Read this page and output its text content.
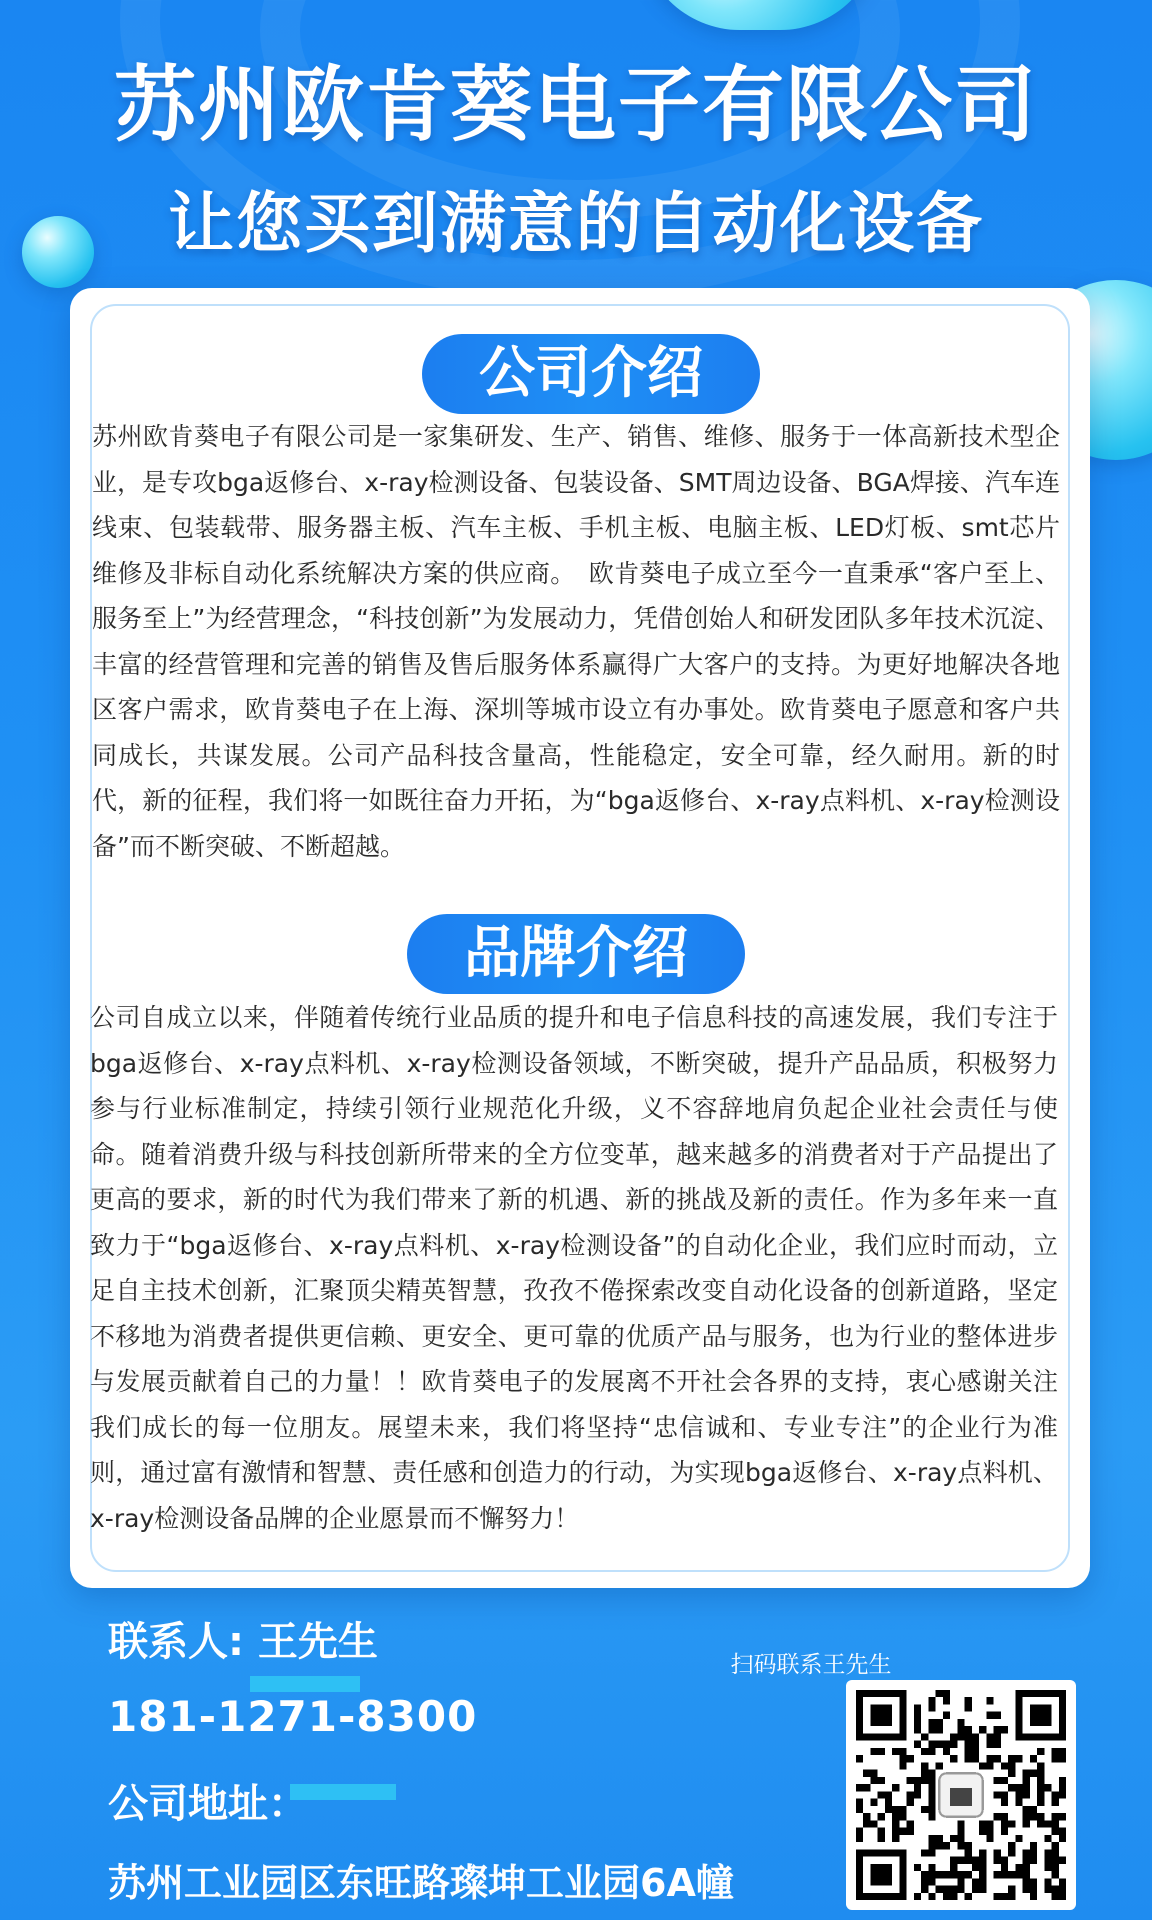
苏州欧肯葵电子有限公司
让您买到满意的自动化设备
公司介绍
苏州欧肯葵电子有限公司是一家集研发、生产、销售、维修、服务于一体高新技术型企业，是专攻bga返修台、x-ray检测设备、包装设备、SMT周边设备、BGA焊接、汽车连线束、包装载带、服务器主板、汽车主板、手机主板、电脑主板、LED灯板、smt芯片维修及非标自动化系统解决方案的供应商。　欧肯葵电子成立至今一直秉承“客户至上、服务至上”为经营理念，“科技创新”为发展动力，凭借创始人和研发团队多年技术沉淀、丰富的经营管理和完善的销售及售后服务体系赢得广大客户的支持。为更好地解决各地区客户需求，欧肯葵电子在上海、深圳等城市设立有办事处。欧肯葵电子愿意和客户共同成长，共谋发展。公司产品科技含量高，性能稳定，安全可靠，经久耐用。新的时代，新的征程，我们将一如既往奋力开拓，为“bga返修台、x-ray点料机、x-ray检测设备”而不断突破、不断超越。
品牌介绍
公司自成立以来，伴随着传统行业品质的提升和电子信息科技的高速发展，我们专注于bga返修台、x-ray点料机、x-ray检测设备领域，不断突破，提升产品品质，积极努力参与行业标准制定，持续引领行业规范化升级，义不容辞地肩负起企业社会责任与使命。随着消费升级与科技创新所带来的全方位变革，越来越多的消费者对于产品提出了更高的要求，新的时代为我们带来了新的机遇、新的挑战及新的责任。作为多年来一直致力于“bga返修台、x-ray点料机、x-ray检测设备”的自动化企业，我们应时而动，立足自主技术创新，汇聚顶尖精英智慧，孜孜不倦探索改变自动化设备的创新道路，坚定不移地为消费者提供更信赖、更安全、更可靠的优质产品与服务，也为行业的整体进步与发展贡献着自己的力量！！欧肯葵电子的发展离不开社会各界的支持，衷心感谢关注我们成长的每一位朋友。展望未来，我们将坚持“忠信诚和、专业专注”的企业行为准则，通过富有激情和智慧、责任感和创造力的行动，为实现bga返修台、x-ray点料机、x-ray检测设备品牌的企业愿景而不懈努力！
联系人: 王先生
181-1271-8300
公司地址：
苏州工业园区东旺路璨坤工业园6A幢
扫码联系王先生
